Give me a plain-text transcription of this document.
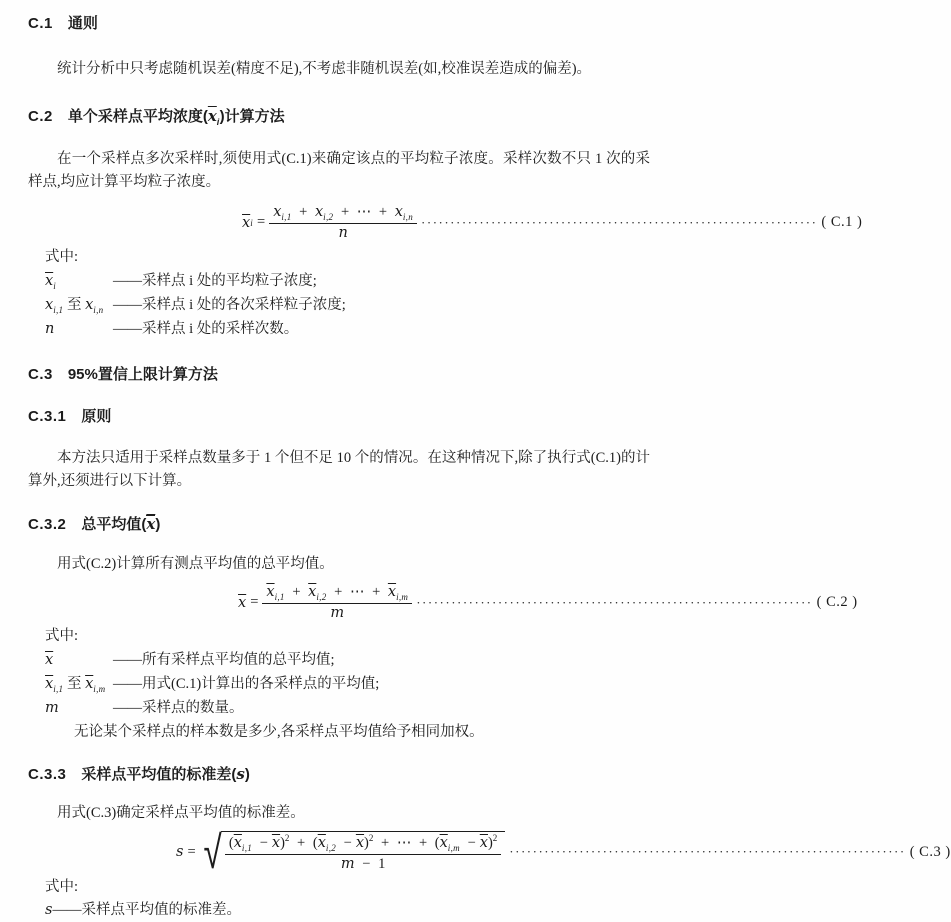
C.1 通则
统计分析中只考虑随机误差(精度不足),不考虑非随机误差(如,校准误差造成的偏差)。
C.2 单个采样点平均浓度$(\overline{x}_i)$计算方法
在一个采样点多次采样时,须使用式(C.1)来确定该点的平均粒子浓度。采样次数不只 1 次的采样点,均应计算平均粒子浓度。
$\overline{x}$ i =
$x_{i,1} + x_{i,2}$ + ⋯ + $x_{i,n}$
n
···································································· ( C.1 )
式中:
$\overline{x}_i$	—— 采样点 i 处的平均粒子浓度;
$x_{i,1}$ 至 $x_{i,n}$ —— 采样点 i 处的各次采样粒子浓度;
n	—— 采样点 i 处的采样次数。
C.3 95%置信上限计算方法
C.3.1 原则
本方法只适用于采样点数量多于 1 个但不足 10 个的情况。在这种情况下,除了执行式(C.1)的计算外,还须进行以下计算。
C.3.2 总平均值$(\overline{x})$
用式(C.2)计算所有测点平均值的总平均值。
$\overline{x}$ =
$\overline{x}_{i,1} + \overline{x}_{i,2}$ + ⋯ + $\overline{x}_{i,m}$
m
···································································· ( C.2 )
式中:
$\overline{x}$	—— 所有采样点平均值的总平均值;
$\overline{x}_{i,1}$ 至 $\overline{x}_{i,m}$ —— 用式(C.1)计算出的各采样点的平均值;
m	—— 采样点的数量。
无论某个采样点的样本数是多少,各采样点平均值给予相同加权。
C.3.3 采样点平均值的标准差(s)
用式(C.3)确定采样点平均值的标准差。
s = √ $(\overline{x}_{i,1} - \overline{x})^2 + (\overline{x}_{i,2} - \overline{x})^2$ + ⋯ + $(\overline{x}_{i,m} - \overline{x})^2$
m − 1
···································································· ( C.3 )
式中:
s——采样点平均值的标准差。
